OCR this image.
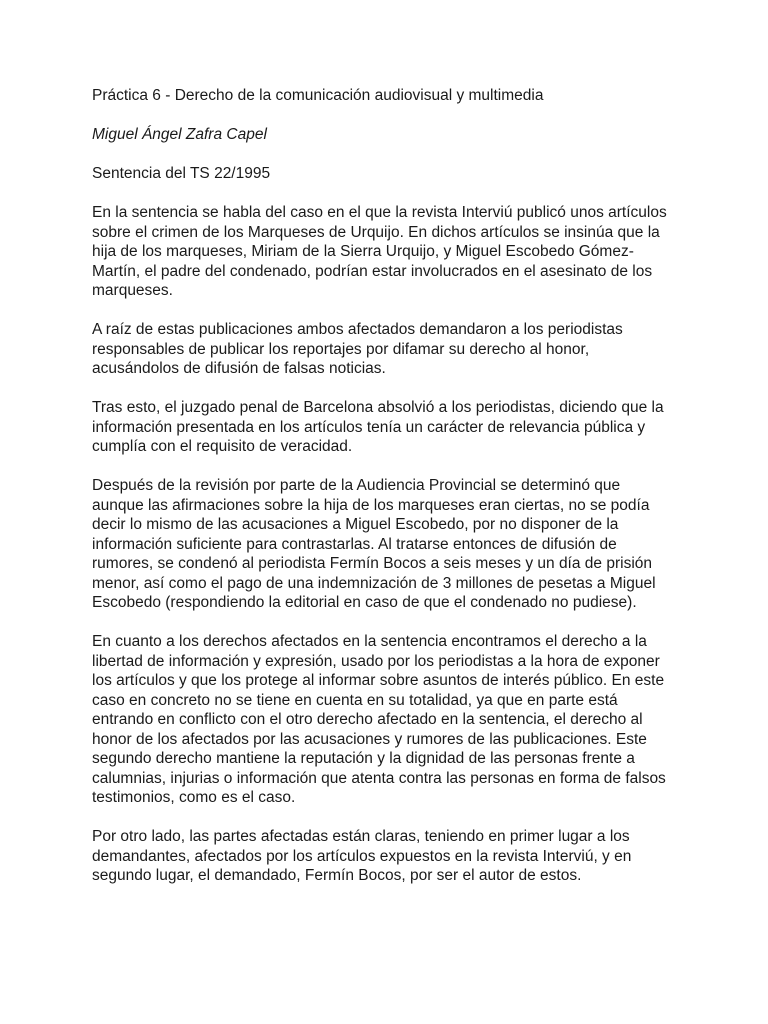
Práctica 6 - Derecho de la comunicación audiovisual y multimedia

Miguel Ángel Zafra Capel

Sentencia del TS 22/1995

En la sentencia se habla del caso en el que la revista Interviú publicó unos artículos sobre el crimen de los Marqueses de Urquijo. En dichos artículos se insinúa que la hija de los marqueses, Miriam de la Sierra Urquijo, y Miguel Escobedo Gómez-Martín, el padre del condenado, podrían estar involucrados en el asesinato de los marqueses.

A raíz de estas publicaciones ambos afectados demandaron a los periodistas responsables de publicar los reportajes por difamar su derecho al honor, acusándolos de difusión de falsas noticias.

Tras esto, el juzgado penal de Barcelona absolvió a los periodistas, diciendo que la información presentada en los artículos tenía un carácter de relevancia pública y cumplía con el requisito de veracidad.

Después de la revisión por parte de la Audiencia Provincial se determinó que aunque las afirmaciones sobre la hija de los marqueses eran ciertas, no se podía decir lo mismo de las acusaciones a Miguel Escobedo, por no disponer de la información suficiente para contrastarlas. Al tratarse entonces de difusión de rumores, se condenó al periodista Fermín Bocos a seis meses y un día de prisión menor, así como el pago de una indemnización de 3 millones de pesetas a Miguel Escobedo (respondiendo la editorial en caso de que el condenado no pudiese).

En cuanto a los derechos afectados en la sentencia encontramos el derecho a la libertad de información y expresión, usado por los periodistas a la hora de exponer los artículos y que los protege al informar sobre asuntos de interés público. En este caso en concreto no se tiene en cuenta en su totalidad, ya que en parte está entrando en conflicto con el otro derecho afectado en la sentencia, el derecho al honor de los afectados por las acusaciones y rumores de las publicaciones. Este segundo derecho mantiene la reputación y la dignidad de las personas frente a calumnias, injurias o información que atenta contra las personas en forma de falsos testimonios, como es el caso.

Por otro lado, las partes afectadas están claras, teniendo en primer lugar a los demandantes, afectados por los artículos expuestos en la revista Interviú, y en segundo lugar, el demandado, Fermín Bocos, por ser el autor de estos.
